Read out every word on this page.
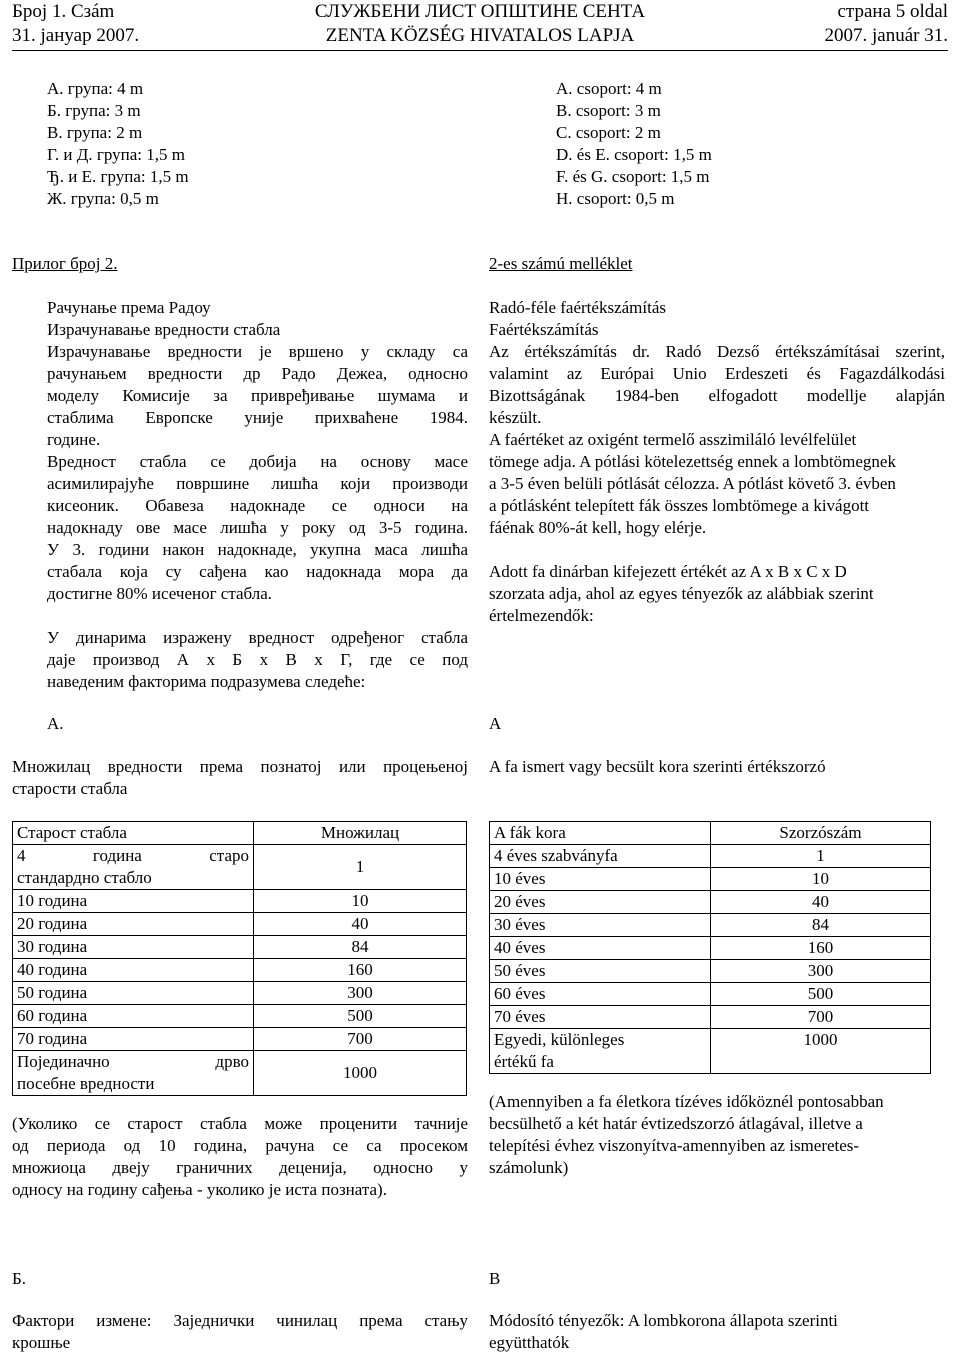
Број 1. Сзám	СЛУЖБЕНИ ЛИСТ ОПШТИНЕ СЕНТА	страна 5 oldal
31. јануар 2007.	ZENTA KÖZSÉG HIVATALOS LAPJA	2007. január 31.
А. група: 4 m
Б. група: 3 m
В. група: 2 m
Г. и Д. група: 1,5 m
Ђ. и Е. група: 1,5 m
Ж. група: 0,5 m
A. csoport: 4 m
B. csoport: 3 m
C. csoport: 2 m
D. és E. csoport: 1,5 m
F. és G. csoport: 1,5 m
H. csoport: 0,5 m
Прилог број 2.	2-es számú melléklet
Рачунање према Радоу
Израчунавање вредности стабла
Израчунавање вредности је вршено у складу са
рачунањем вредности др Радо Дежеа, односно
моделу Комисије за привређивање шумама и
стаблима Европске уније прихваћене 1984.
године.
Вредност стабла се добија на основу масе
асимилирајуће површине лишћа који производи
кисеоник. Обавеза надокнаде се односи на
надокнаду ове масе лишћа у року од 3-5 година.
У 3. години након надокнаде, укупна маса лишћа
стабала која су сађена као надокнада мора да
достигне 80% исеченог стабла.
У динарима изражену вредност одређеног стабла
даје производ А x Б x В x Г, где се под
наведеним факторима подразумева следеће:
Radó-féle faértékszámítás
Faértékszámítás
Az értékszámítás dr. Radó Dezső értékszámításai szerint,
valamint az Európai Unio Erdeszeti és Fagazdálkodási
Bizottságának 1984-ben elfogadott modellje alapján
készült.
A faértéket az oxigént termelő asszimiláló levélfelület
tömege adja. A pótlási kötelezettség ennek a lombtömegnek
a 3-5 éven belüli pótlását célozza. A pótlást követő 3. évben
a pótlásként telepített fák összes lombtömege a kivágott
fáénak 80%-át kell, hogy elérje.
Adott fa dinárban kifejezett értékét az A x B x C x D
szorzata adja, ahol az egyes tényezők az alábbiak szerint
értelmezendők:
А.	A
Множилац вредности према познатој или процењеној
старости стабла
A fa ismert vagy becsült kora szerinti értékszorzó
Старост стабла	Множилац

4 година старо
стандардно стабло	1
10 година	10
20 година	40
30 година	84
40 година	160
50 година	300
60 година	500
70 година	700

Појединачно дрво
посебне вредности	1000
A fák kora	Szorzószám
4 éves szabványfa	1
10 éves	10
20 éves	40
30 éves	84
40 éves	160
50 éves	300
60 éves	500
70 éves	700

Egyedi, különleges
értékű fa	1000
(Уколико се старост стабла може проценити тачније
од периода од 10 година, рачуна се са просеком
множиоца двеју граничних деценија, односно у
односу на годину сађења - уколико је иста позната).
(Amennyiben a fa életkora tízéves időköznél pontosabban
becsülhető a két határ évtizedszorzó átlagával, illetve a
telepítési évhez viszonyítva-amennyiben az ismeretes-
számolunk)
Б.	B
Фактори измене: Заједнички чинилац према стању
крошње
Módosító tényezők: A lombkorona állapota szerinti
együtthatók
